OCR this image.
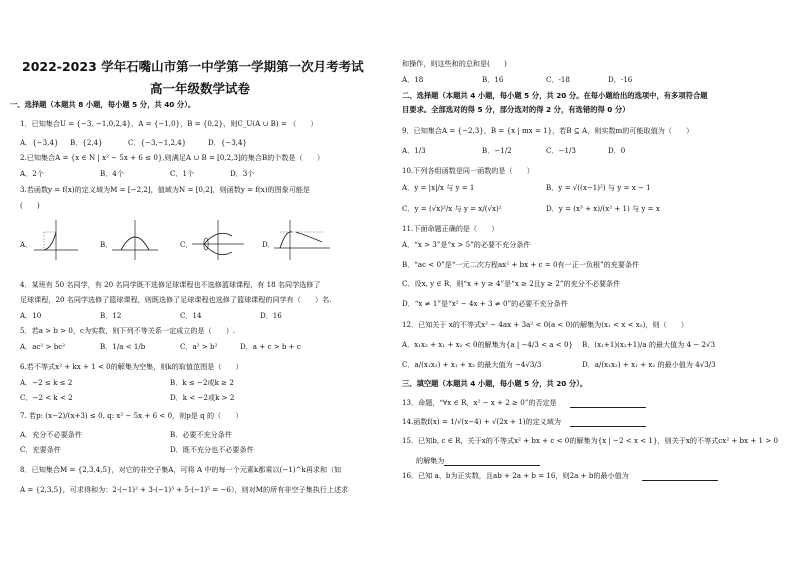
2022-2023 学年石嘴山市第一中学第一学期第一次月考考试
高一年级数学试卷
一、选择题（本题共 8 小题，每小题 5 分，共 40 分）。
1．已知集合U = {−3, −1,0,2,4}，A = {−1,0}，B = {0,2}，则C_U(A ∪ B) = （　　）
A．{−3,4} B．{2,4}	C．{−3,−1,2,4}	D．{−3,4}
2.已知集合A = {x ∈ N | x² − 5x + 6 ≤ 0},则满足A ∪ B = [0,2,3]的集合B的个数是（　　）
A．2个	B．4个	C．1个	D．3个
3.若函数y = f(x)的定义域为M = [−2,2]，值域为N = [0,2]，则函数y = f(x)的图象可能是
(　　)
A．	B．	C．	D．
4．某班有 50 名同学，有 20 名同学既不选修足球课程也不选修篮球课程，有 18 名同学选修了
足球课程，20 名同学选修了篮球课程，则既选修了足球课程也选修了篮球课程的同学有（　　）名.
A．10	B．12	C．14	D．16
5．若a > b > 0，c为实数，则下列不等关系一定成立的是（　　）.
A．ac² > bc²	B．1/a < 1/b	C．a² > b²	D．a + c > b + c
6.若不等式x² + kx + 1 < 0的解集为空集，则k的取值范围是（　　）
A．−2 ≤ k ≤ 2	B．k ≤ −2或k ≥ 2
C．−2 < k < 2	D．k < −2或k > 2
7. 若p: (x−2)/(x+3) ≤ 0, q: x² − 5x + 6 < 0，则p是 q 的（　　）
A．充分不必要条件	B．必要不充分条件
C．充要条件	D．既不充分也不必要条件
8．已知集合M = {2,3,4,5}，对它的非空子集A，可将 A 中的每一个元素k都乘以(−1)^k再求和（如
A = {2,3,5}，可求得和为：2·(−1)² + 3·(−1)³ + 5·(−1)⁵ = −6），则对M的所有非空子集执行上述求
和操作，则这些和的总和是(　　)
A．18	B．16	C．-18	D．-16
二、选择题（本题共 4 小题，每小题 5 分，共 20 分。在每小题给出的选项中，有多项符合题
目要求。全部选对的得 5 分，部分选对的得 2 分，有选错的得 0 分）
9．已知集合A = {−2,3}，B = {x | mx = 1}，若B ⊆ A，则实数m的可能取值为（　　）
A．1/3	B．−1/2	C．−1/3	D．0
10.下列各组函数是同一函数的是（　　）
A．y = |x|/x 与 y = 1	B．y = √((x−1)²) 与 y = x − 1
C．y = (√x)²/x 与 y = x/(√x)²	D．y = (x³ + x)/(x² + 1) 与 y = x
11.下面命题正确的是（　　）
A．“x > 3”是“x > 5”的必要不充分条件
B．“ac < 0”是“一元二次方程ax² + bx + c = 0有一正一负根”的充要条件
C．设x, y ∈ R，则“x + y ≥ 4”是“x ≥ 2且y ≥ 2”的充分不必要条件
D．“x ≠ 1”是“x² − 4x + 3 ≠ 0”的必要不充分条件
12．已知关于 x的不等式x² − 4ax + 3a² < 0(a < 0)的解集为(x₁ < x < x₂)，则（　　）
A．x₁x₂ + x₁ + x₂ < 0的解集为{a | −4/3 < a < 0} B．(x₁+1)(x₂+1)/a 的最大值为 4 − 2√3
C．a/(x₁x₂) + x₁ + x₂ 的最大值为 −4√3/3	D．a/(x₁x₂) + x₁ + x₂ 的最小值为 4√3/3
三、填空题（本题共 4 小题，每小题 5 分，共 20 分）。
13．命题，“∀x ∈ R，x² − x + 2 ≥ 0”的否定是
14.函数f(x) = 1/√(x−4) + √(2x + 1)的定义域为
15．已知b, c ∈ R，关于x的不等式x² + bx + c < 0的解集为{x | −2 < x < 1}，则关于x的不等式cx² + bx + 1 > 0
的解集为
16．已知 a、b为正实数，且ab + 2a + b = 16，则2a + b的最小值为
